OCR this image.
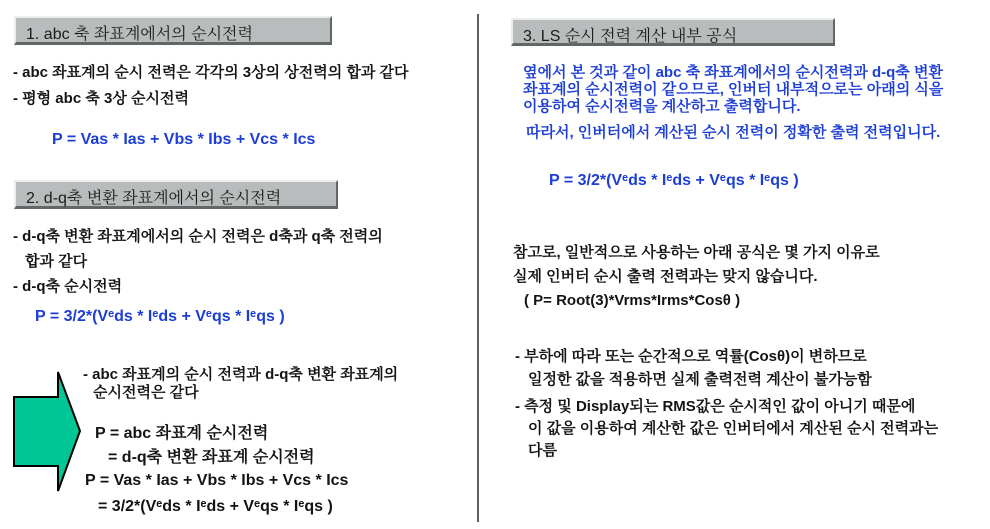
1. abc 축 좌표계에서의 순시전력
- abc 좌표계의 순시 전력은 각각의 3상의 상전력의 합과 같다
- 평형 abc 축 3상 순시전력
P = Vas * Ias + Vbs * Ibs + Vcs * Ics
2. d-q축 변환 좌표계에서의 순시전력
- d-q축 변환 좌표계에서의 순시 전력은 d축과 q축 전력의
합과 같다
- d-q축 순시전력
P = 3/2*(Vᵉds * Iᵉds + Vᵉqs * Iᵉqs )
- abc 좌표계의 순시 전력과 d-q축 변환 좌표계의
순시전력은 같다
P = abc 좌표계 순시전력
= d-q축 변환 좌표계 순시전력
P = Vas * Ias + Vbs * Ibs + Vcs * Ics
= 3/2*(Vᵉds * Iᵉds + Vᵉqs * Iᵉqs )
3. LS 순시 전력 계산 내부 공식
옆에서 본 것과 같이 abc 축 좌표계에서의 순시전력과 d-q축 변환
좌표계의 순시전력이 같으므로, 인버터 내부적으로는 아래의 식을
이용하여 순시전력을 계산하고 출력합니다.
따라서, 인버터에서 계산된 순시 전력이 정확한 출력 전력입니다.
P = 3/2*(Vᵉds * Iᵉds + Vᵉqs * Iᵉqs )
참고로, 일반적으로 사용하는 아래 공식은 몇 가지 이유로
실제 인버터 순시 출력 전력과는 맞지 않습니다.
( P= Root(3)*Vrms*Irms*Cosθ )
- 부하에 따라 또는 순간적으로 역률(Cosθ)이 변하므로
일정한 값을 적용하면 실제 출력전력 계산이 불가능함
- 측정 및 Display되는 RMS값은 순시적인 값이 아니기 때문에
이 값을 이용하여 계산한 값은 인버터에서 계산된 순시 전력과는
다름
